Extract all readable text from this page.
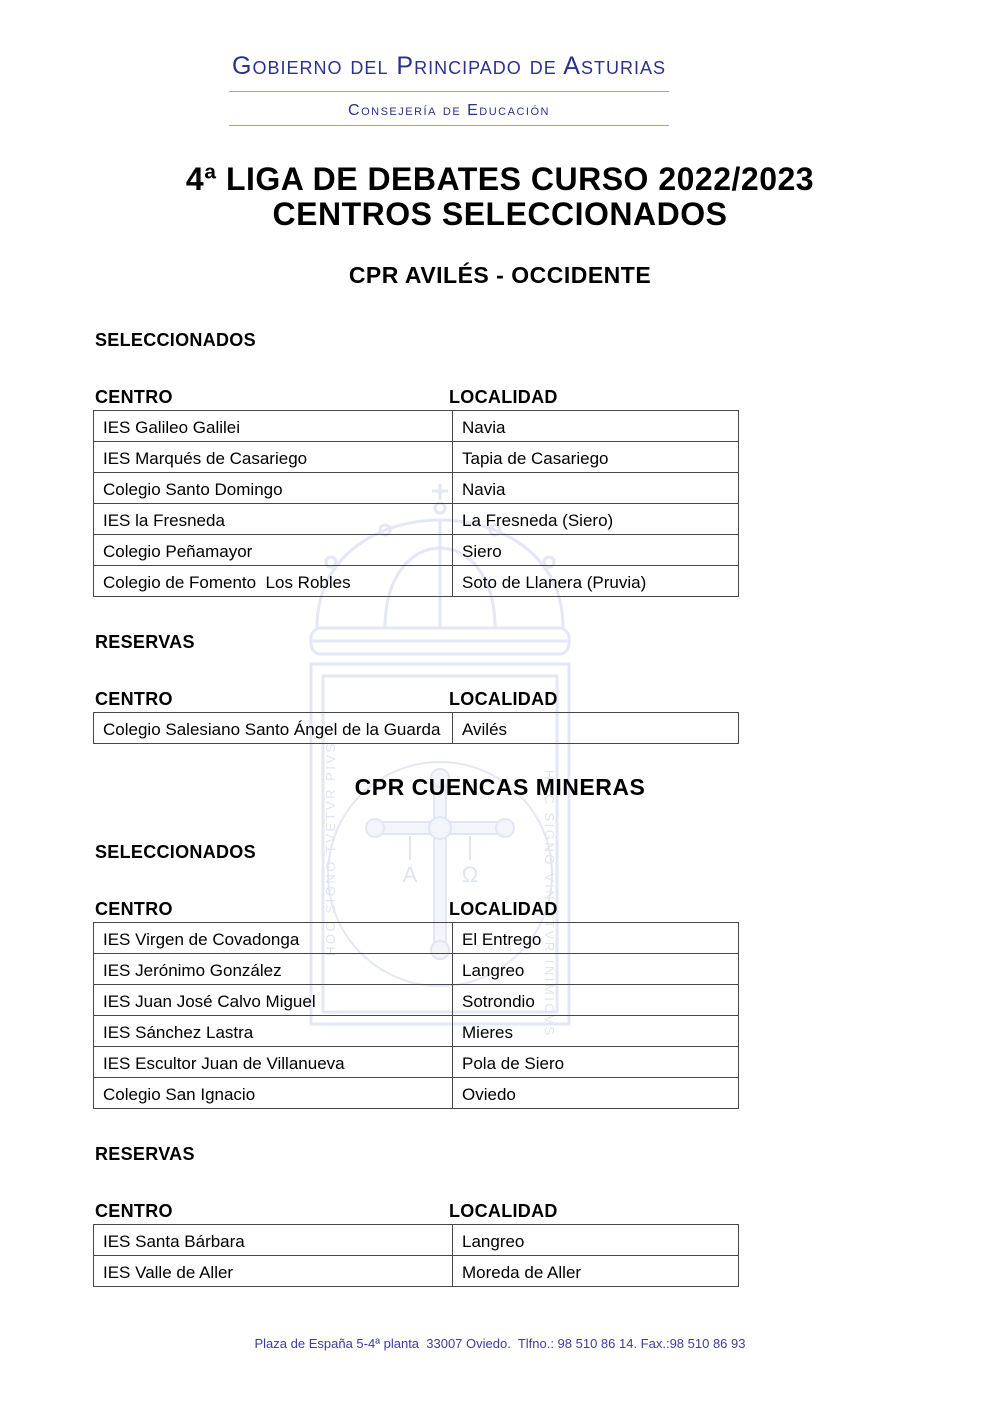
Α Ω
HOC SIGNO TVETVR PIVS	HOC SIGNO VINCITVR INIMICVS
Gobierno del Principado de Asturias
Consejería de Educación
4ª LIGA DE DEBATES CURSO 2022/2023
CENTROS SELECCIONADOS
CPR AVILÉS - OCCIDENTE
SELECCIONADOS
CENTRO	LOCALIDAD
IES Galileo Galilei	Navia
IES Marqués de Casariego	Tapia de Casariego
Colegio Santo Domingo	Navia
IES la Fresneda	La Fresneda (Siero)
Colegio Peñamayor	Siero
Colegio de Fomento  Los Robles	Soto de Llanera (Pruvia)
RESERVAS
CENTRO	LOCALIDAD
Colegio Salesiano Santo Ángel de la Guarda	Avilés
CPR CUENCAS MINERAS
SELECCIONADOS
CENTRO	LOCALIDAD
IES Virgen de Covadonga	El Entrego
IES Jerónimo González	Langreo
IES Juan José Calvo Miguel	Sotrondio
IES Sánchez Lastra	Mieres
IES Escultor Juan de Villanueva	Pola de Siero
Colegio San Ignacio	Oviedo
RESERVAS
CENTRO	LOCALIDAD
IES Santa Bárbara	Langreo
IES Valle de Aller	Moreda de Aller
Plaza de España 5-4ª planta  33007 Oviedo.  Tlfno.: 98 510 86 14. Fax.:98 510 86 93
